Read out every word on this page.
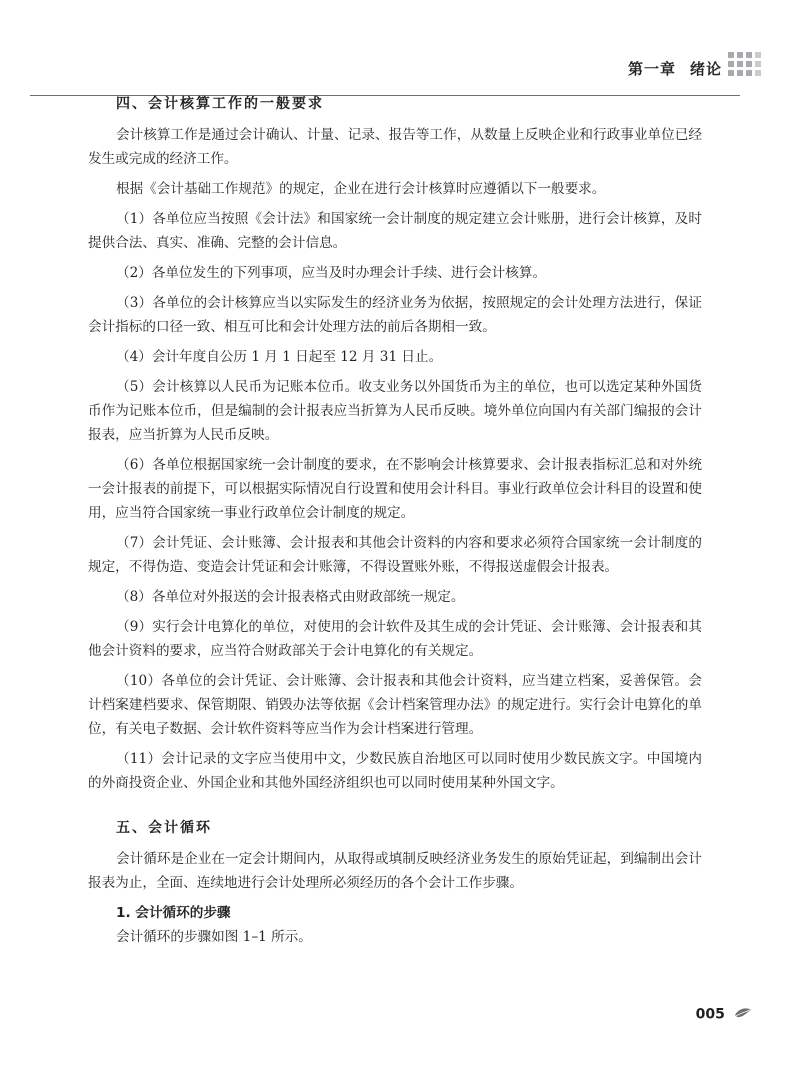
第一章 绪论
四、会计核算工作的一般要求

会计核算工作是通过会计确认、计量、记录、报告等工作，从数量上反映企业和行政事业单位已经发生或完成的经济工作。

根据《会计基础工作规范》的规定，企业在进行会计核算时应遵循以下一般要求。

（1）各单位应当按照《会计法》和国家统一会计制度的规定建立会计账册，进行会计核算，及时提供合法、真实、准确、完整的会计信息。

（2）各单位发生的下列事项，应当及时办理会计手续、进行会计核算。

（3）各单位的会计核算应当以实际发生的经济业务为依据，按照规定的会计处理方法进行，保证会计指标的口径一致、相互可比和会计处理方法的前后各期相一致。

（4）会计年度自公历 1 月 1 日起至 12 月 31 日止。

（5）会计核算以人民币为记账本位币。收支业务以外国货币为主的单位，也可以选定某种外国货币作为记账本位币，但是编制的会计报表应当折算为人民币反映。境外单位向国内有关部门编报的会计报表，应当折算为人民币反映。

（6）各单位根据国家统一会计制度的要求，在不影响会计核算要求、会计报表指标汇总和对外统一会计报表的前提下，可以根据实际情况自行设置和使用会计科目。事业行政单位会计科目的设置和使用，应当符合国家统一事业行政单位会计制度的规定。

（7）会计凭证、会计账簿、会计报表和其他会计资料的内容和要求必须符合国家统一会计制度的规定，不得伪造、变造会计凭证和会计账簿，不得设置账外账，不得报送虚假会计报表。

（8）各单位对外报送的会计报表格式由财政部统一规定。

（9）实行会计电算化的单位，对使用的会计软件及其生成的会计凭证、会计账簿、会计报表和其他会计资料的要求，应当符合财政部关于会计电算化的有关规定。

（10）各单位的会计凭证、会计账簿、会计报表和其他会计资料，应当建立档案，妥善保管。会计档案建档要求、保管期限、销毁办法等依据《会计档案管理办法》的规定进行。实行会计电算化的单位，有关电子数据、会计软件资料等应当作为会计档案进行管理。

（11）会计记录的文字应当使用中文，少数民族自治地区可以同时使用少数民族文字。中国境内的外商投资企业、外国企业和其他外国经济组织也可以同时使用某种外国文字。

五、会计循环

会计循环是企业在一定会计期间内，从取得或填制反映经济业务发生的原始凭证起，到编制出会计报表为止，全面、连续地进行会计处理所必须经历的各个会计工作步骤。

1. 会计循环的步骤

会计循环的步骤如图 1–1 所示。

005
